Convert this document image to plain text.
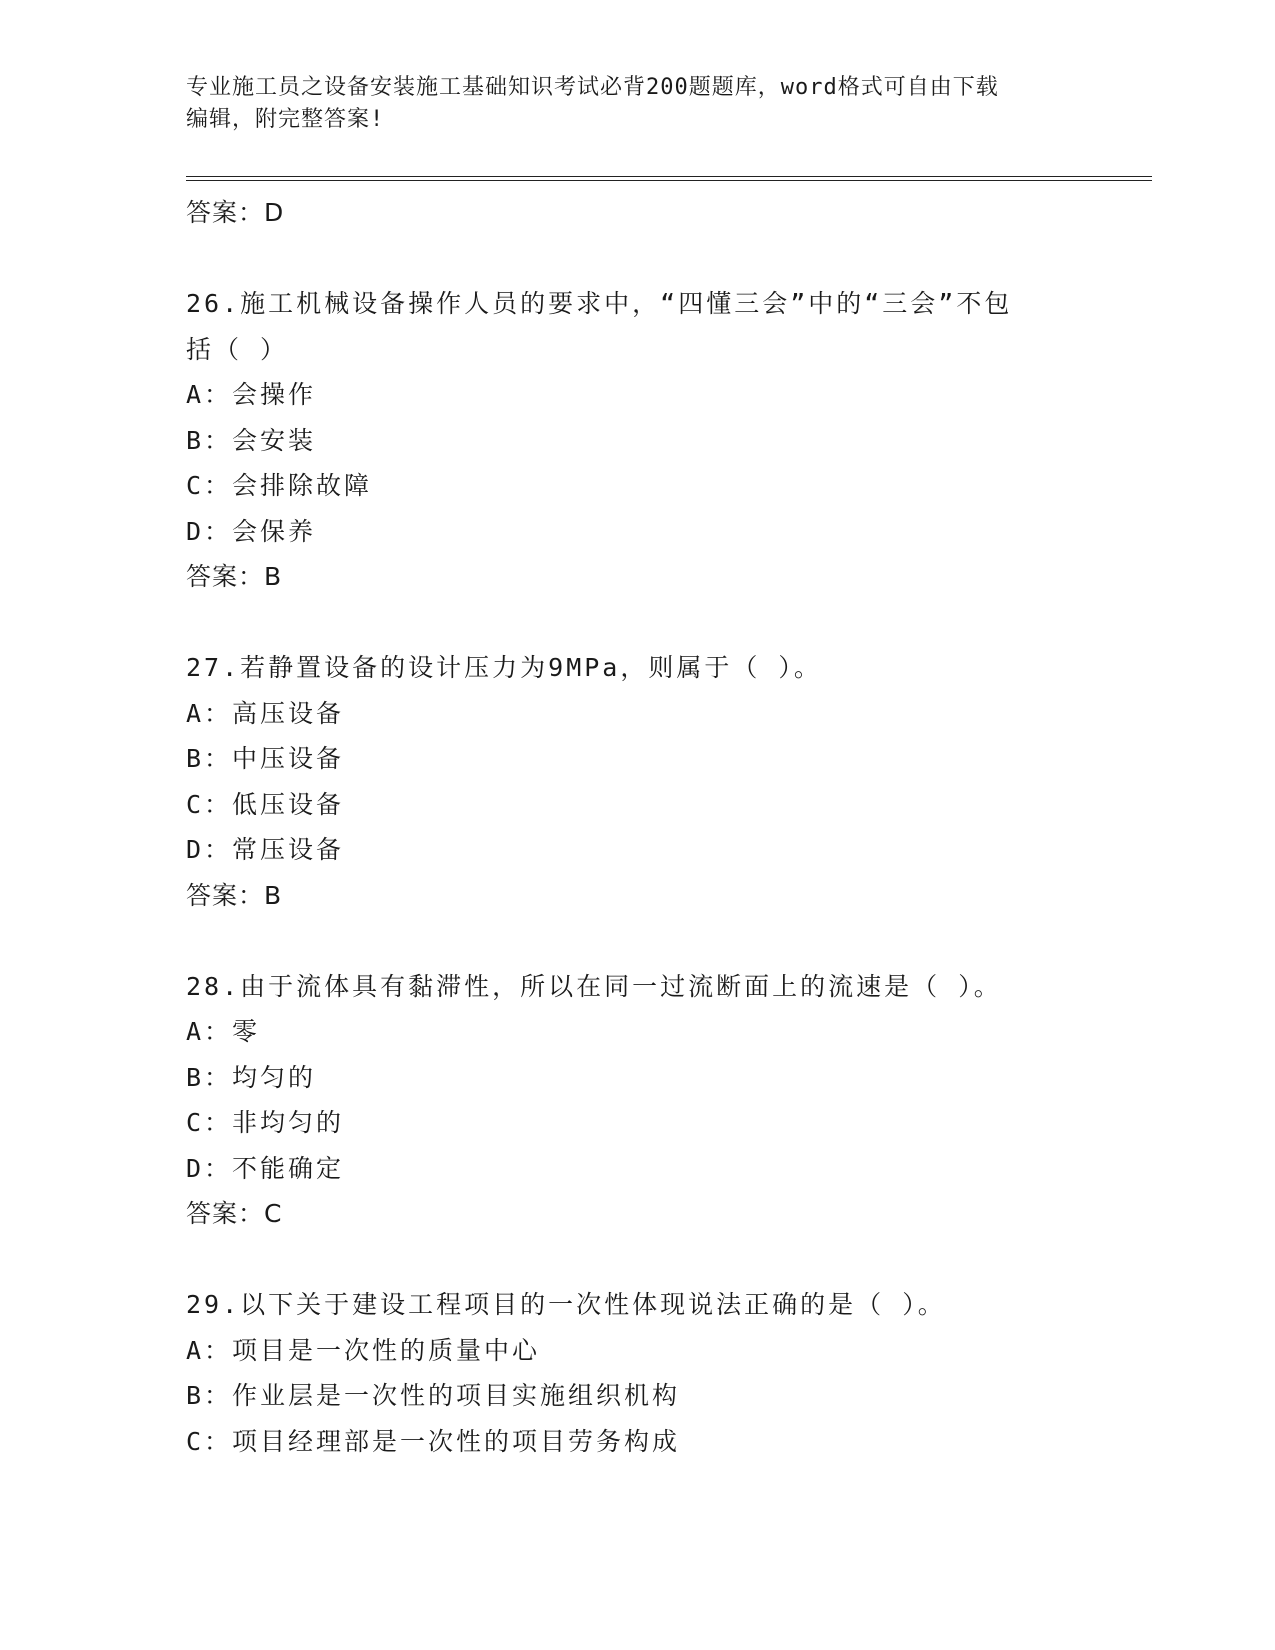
专业施工员之设备安装施工基础知识考试必背200题题库，word格式可自由下载
编辑，附完整答案!
答案：D
26.施工机械设备操作人员的要求中，“四懂三会”中的“三会”不包
括（ ）
A：会操作
B：会安装
C：会排除故障
D：会保养
答案：B
27.若静置设备的设计压力为9MPa，则属于（ ）。
A：高压设备
B：中压设备
C：低压设备
D：常压设备
答案：B
28.由于流体具有黏滞性，所以在同一过流断面上的流速是（ ）。
A：零
B：均匀的
C：非均匀的
D：不能确定
答案：C
29.以下关于建设工程项目的一次性体现说法正确的是（ ）。
A：项目是一次性的质量中心
B：作业层是一次性的项目实施组织机构
C：项目经理部是一次性的项目劳务构成
